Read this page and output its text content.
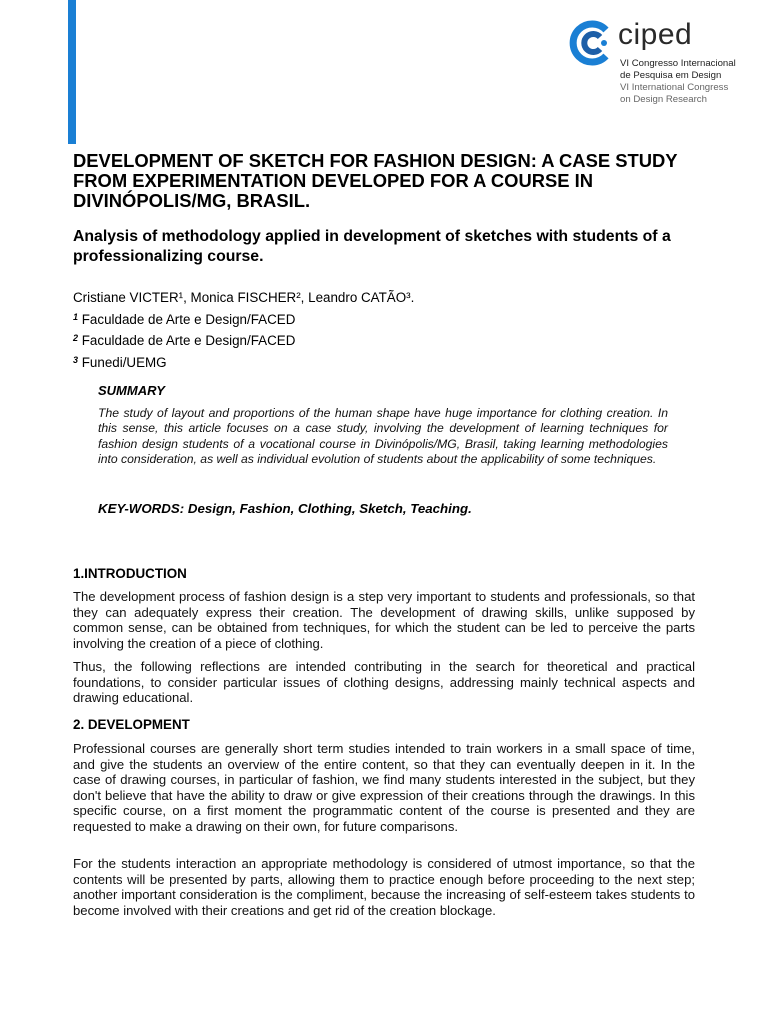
ciped
VI Congresso Internacional
de Pesquisa em Design
VI International Congress
on Design Research
DEVELOPMENT OF SKETCH FOR FASHION DESIGN: A CASE STUDY FROM EXPERIMENTATION DEVELOPED FOR A COURSE IN DIVINÓPOLIS/MG, BRASIL.
Analysis of methodology applied in development of sketches with students of a professionalizing course.
Cristiane VICTER¹, Monica FISCHER², Leandro CATÃO³.
$^1$ Faculdade de Arte e Design/FACED
$^2$ Faculdade de Arte e Design/FACED
$^3$ Funedi/UEMG
SUMMARY

The study of layout and proportions of the human shape have huge importance for clothing creation. In this sense, this article focuses on a case study, involving the development of learning techniques for fashion design students of a vocational course in Divinópolis/MG, Brasil, taking learning methodologies into consideration, as well as individual evolution of students about the applicability of some techniques.

KEY-WORDS: Design, Fashion, Clothing, Sketch, Teaching.
1.INTRODUCTION

The development process of fashion design is a step very important to students and professionals, so that they can adequately express their creation. The development of drawing skills, unlike supposed by common sense, can be obtained from techniques, for which the student can be led to perceive the parts involving the creation of a piece of clothing.

Thus, the following reflections are intended contributing in the search for theoretical and practical foundations, to consider particular issues of clothing designs, addressing mainly technical aspects and drawing educational.

2. DEVELOPMENT

Professional courses are generally short term studies intended to train workers in a small space of time, and give the students an overview of the entire content, so that they can eventually deepen in it. In the case of drawing courses, in particular of fashion, we find many students interested in the subject, but they don't believe that have the ability to draw or give expression of their creations through the drawings. In this specific course, on a first moment the programmatic content of the course is presented and they are requested to make a drawing on their own, for future comparisons.

For the students interaction an appropriate methodology is considered of utmost importance, so that the contents will be presented by parts, allowing them to practice enough before proceeding to the next step; another important consideration is the compliment, because the increasing of self-esteem takes students to become involved with their creations and get rid of the creation blockage.
